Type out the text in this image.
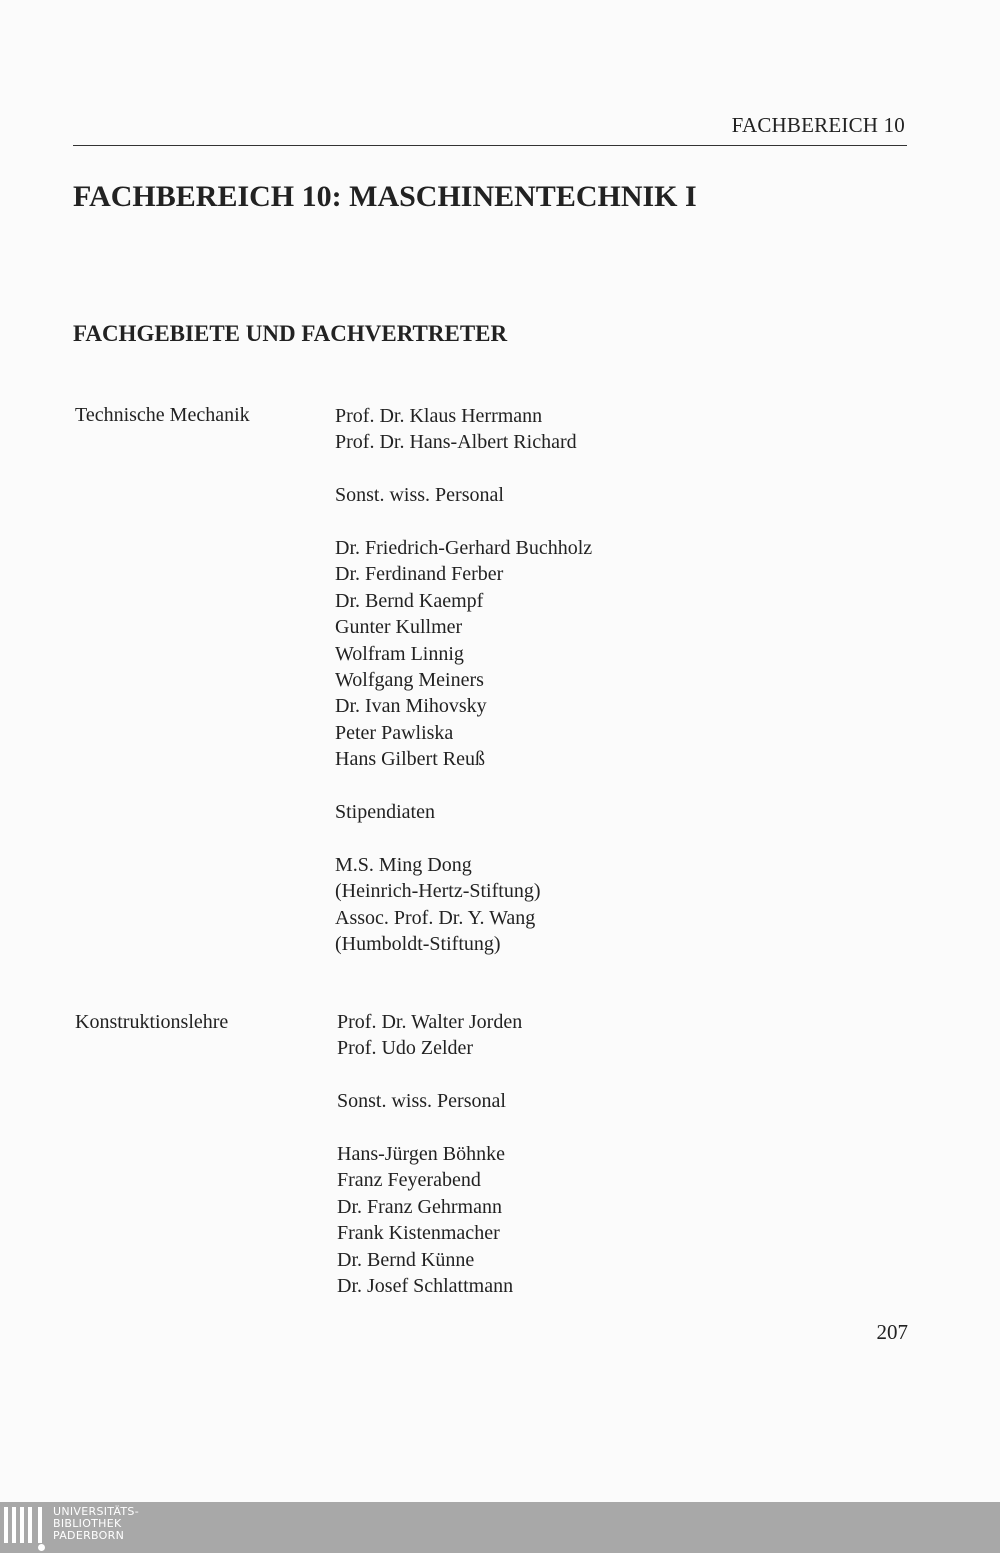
FACHBEREICH 10
FACHBEREICH 10: MASCHINENTECHNIK I
FACHGEBIETE UND FACHVERTRETER
Technische Mechanik	Prof. Dr. Klaus Herrmann
Prof. Dr. Hans-Albert Richard
Sonst. wiss. Personal
Dr. Friedrich-Gerhard Buchholz
Dr. Ferdinand Ferber
Dr. Bernd Kaempf
Gunter Kullmer
Wolfram Linnig
Wolfgang Meiners
Dr. Ivan Mihovsky
Peter Pawliska
Hans Gilbert Reuß
Stipendiaten
M.S. Ming Dong
(Heinrich-Hertz-Stiftung)
Assoc. Prof. Dr. Y. Wang
(Humboldt-Stiftung)
Konstruktionslehre	Prof. Dr. Walter Jorden
Prof. Udo Zelder
Sonst. wiss. Personal
Hans-Jürgen Böhnke
Franz Feyerabend
Dr. Franz Gehrmann
Frank Kistenmacher
Dr. Bernd Künne
Dr. Josef Schlattmann
207
UNIVERSITÄTS-
BIBLIOTHEK
PADERBORN
